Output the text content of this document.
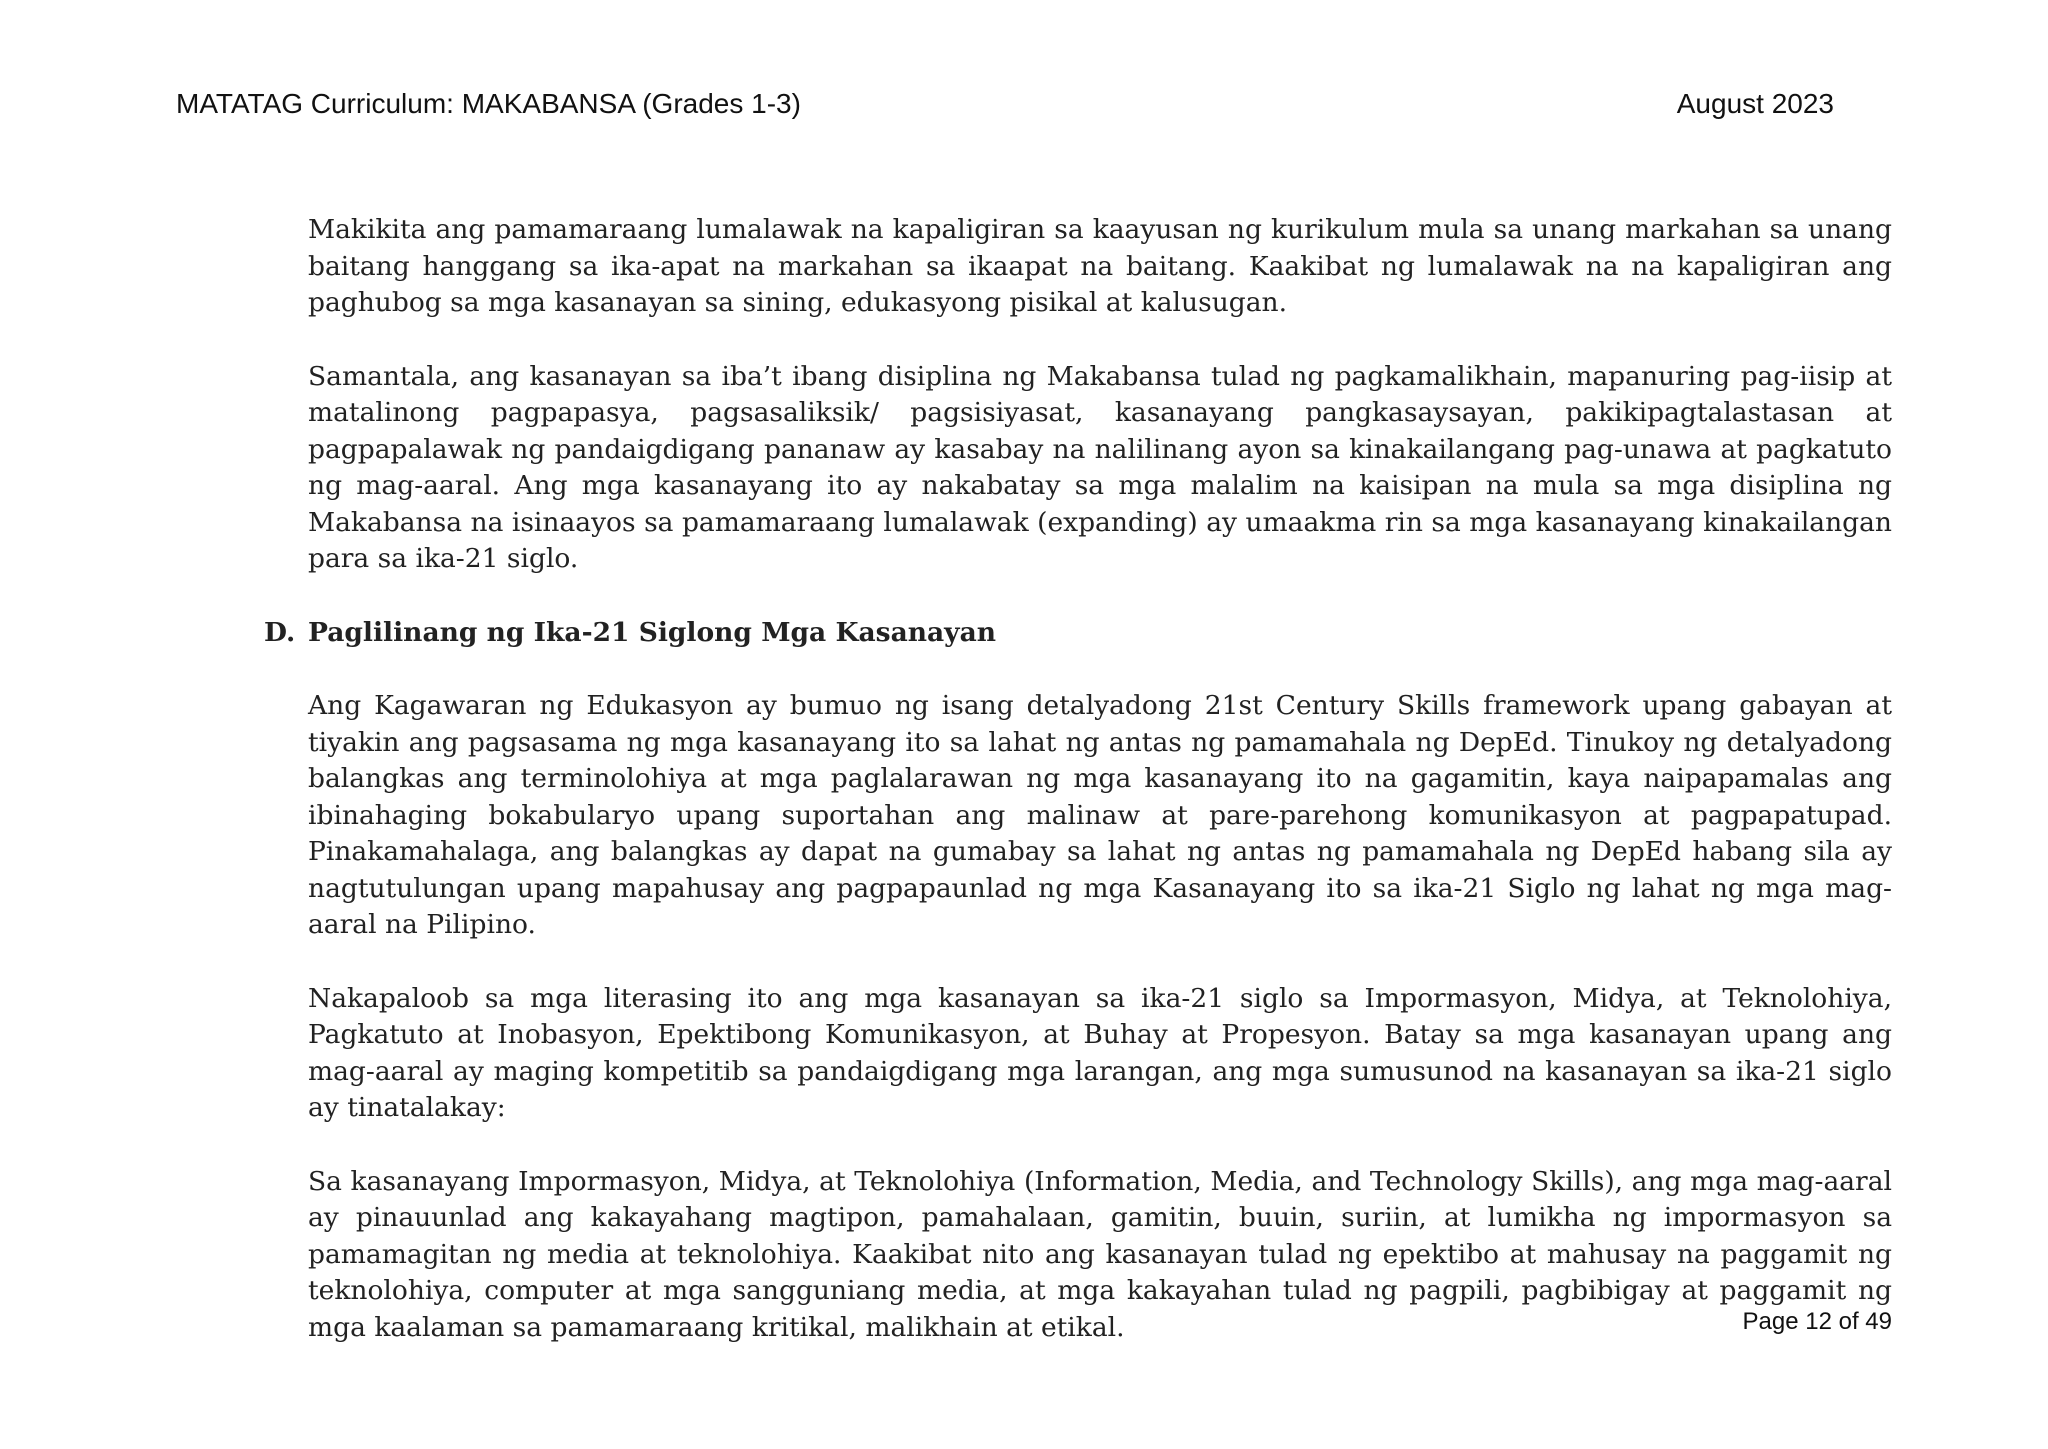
MATATAG Curriculum: MAKABANSA (Grades 1-3)	August 2023

Makikita ang pamamaraang lumalawak na kapaligiran sa kaayusan ng kurikulum mula sa unang markahan sa unang baitang hanggang sa ika-apat na markahan sa ikaapat na baitang. Kaakibat ng lumalawak na na kapaligiran ang paghubog sa mga kasanayan sa sining, edukasyong pisikal at kalusugan.

Samantala, ang kasanayan sa iba’t ibang disiplina ng Makabansa tulad ng pagkamalikhain, mapanuring pag-iisip at matalinong pagpapasya, pagsasaliksik/ pagsisiyasat, kasanayang pangkasaysayan, pakikipagtalastasan at pagpapalawak ng pandaigdigang pananaw ay kasabay na nalilinang ayon sa kinakailangang pag-unawa at pagkatuto ng mag-aaral. Ang mga kasanayang ito ay nakabatay sa mga malalim na kaisipan na mula sa mga disiplina ng Makabansa na isinaayos sa pamamaraang lumalawak (expanding) ay umaakma rin sa mga kasanayang kinakailangan para sa ika-21 siglo.

D. Paglilinang ng Ika-21 Siglong Mga Kasanayan

Ang Kagawaran ng Edukasyon ay bumuo ng isang detalyadong 21st Century Skills framework upang gabayan at tiyakin ang pagsasama ng mga kasanayang ito sa lahat ng antas ng pamamahala ng DepEd. Tinukoy ng detalyadong balangkas ang terminolohiya at mga paglalarawan ng mga kasanayang ito na gagamitin, kaya naipapamalas ang ibinahaging bokabularyo upang suportahan ang malinaw at pare-parehong komunikasyon at pagpapatupad. Pinakamahalaga, ang balangkas ay dapat na gumabay sa lahat ng antas ng pamamahala ng DepEd habang sila ay nagtutulungan upang mapahusay ang pagpapaunlad ng mga Kasanayang ito sa ika-21 Siglo ng lahat ng mga mag-aaral na Pilipino.

Nakapaloob sa mga literasing ito ang mga kasanayan sa ika-21 siglo sa Impormasyon, Midya, at Teknolohiya, Pagkatuto at Inobasyon, Epektibong Komunikasyon, at Buhay at Propesyon. Batay sa mga kasanayan upang ang mag-aaral ay maging kompetitib sa pandaigdigang mga larangan, ang mga sumusunod na kasanayan sa ika-21 siglo ay tinatalakay:

Sa kasanayang Impormasyon, Midya, at Teknolohiya (Information, Media, and Technology Skills), ang mga mag-aaral ay pinauunlad ang kakayahang magtipon, pamahalaan, gamitin, buuin, suriin, at lumikha ng impormasyon sa pamamagitan ng media at teknolohiya. Kaakibat nito ang kasanayan tulad ng epektibo at mahusay na paggamit ng teknolohiya, computer at mga sangguniang media, at mga kakayahan tulad ng pagpili, pagbibigay at paggamit ng mga kaalaman sa pamamaraang kritikal, malikhain at etikal.	Page 12 of 49
